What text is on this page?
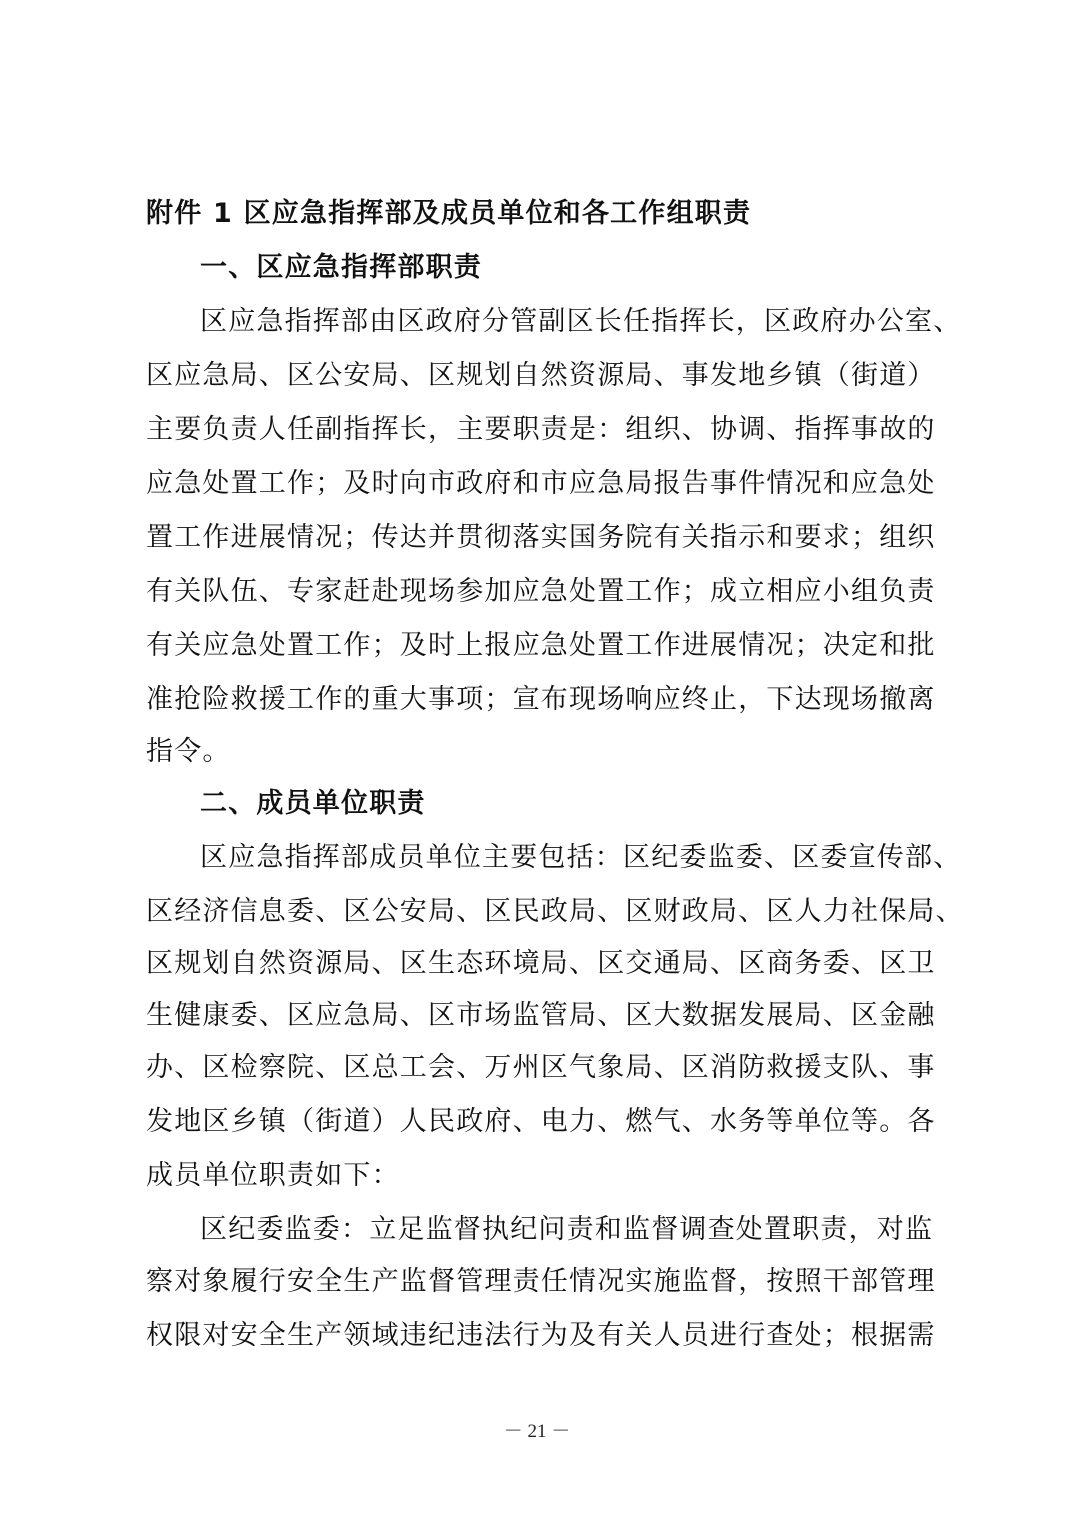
附件 1 区应急指挥部及成员单位和各工作组职责
一、区应急指挥部职责
区应急指挥部由区政府分管副区长任指挥长，区政府办公室、
区应急局、区公安局、区规划自然资源局、事发地乡镇（街道）
主要负责人任副指挥长，主要职责是：组织、协调、指挥事故的
应急处置工作；及时向市政府和市应急局报告事件情况和应急处
置工作进展情况；传达并贯彻落实国务院有关指示和要求；组织
有关队伍、专家赶赴现场参加应急处置工作；成立相应小组负责
有关应急处置工作；及时上报应急处置工作进展情况；决定和批
准抢险救援工作的重大事项；宣布现场响应终止，下达现场撤离
指令。
二、成员单位职责
区应急指挥部成员单位主要包括：区纪委监委、区委宣传部、
区经济信息委、区公安局、区民政局、区财政局、区人力社保局、
区规划自然资源局、区生态环境局、区交通局、区商务委、区卫
生健康委、区应急局、区市场监管局、区大数据发展局、区金融
办、区检察院、区总工会、万州区气象局、区消防救援支队、事
发地区乡镇（街道）人民政府、电力、燃气、水务等单位等。各
成员单位职责如下：
区纪委监委：立足监督执纪问责和监督调查处置职责，对监
察对象履行安全生产监督管理责任情况实施监督，按照干部管理
权限对安全生产领域违纪违法行为及有关人员进行查处；根据需
－ 21 －
